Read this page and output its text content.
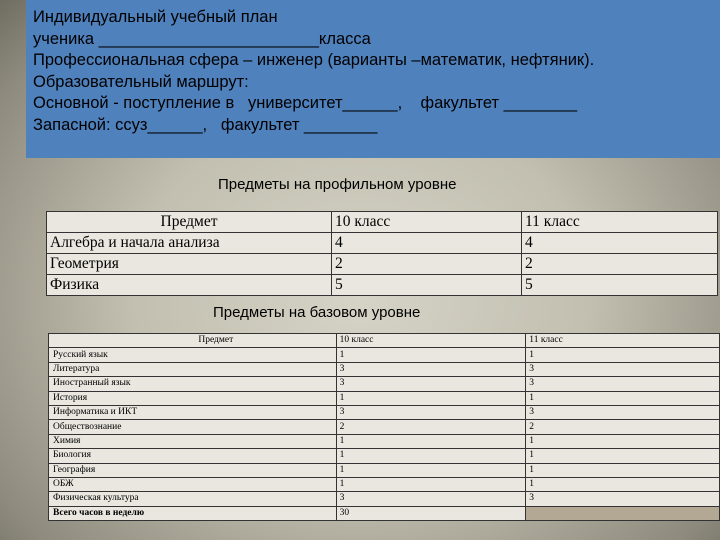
Индивидуальный учебный план
ученика ________________________класса
Профессиональная сфера – инженер (варианты –математик, нефтяник).
Образовательный маршрут:
Основной - поступление в   университет______,    факультет ________
Запасной: ссуз______,   факультет ________
Предметы на профильном уровне
Предмет	10 класс	11 класс
Алгебра и начала анализа	4	4
Геометрия	2	2
Физика	5	5
Предметы на базовом уровне
Предмет	10 класс	11 класс
Русский язык	1	1
Литература	3	3
Иностранный язык	3	3
История	1	1
Информатика и ИКТ	3	3
Обществознание	2	2
Химия	1	1
Биология	1	1
География	1	1
ОБЖ	1	1
Физическая культура	3	3
Всего часов в неделю	30	
